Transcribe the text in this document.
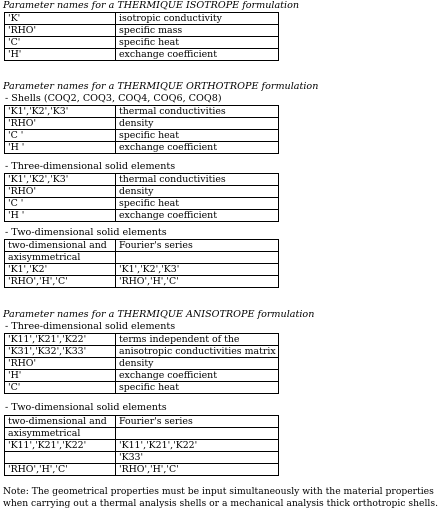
Parameter names for a THERMIQUE ISOTROPE formulation
'K'	isotropic conductivity
'RHO'	specific mass
'C'	specific heat
'H'	exchange coefficient
Parameter names for a THERMIQUE ORTHOTROPE formulation
- Shells (COQ2, COQ3, COQ4, COQ6, COQ8)
'K1','K2','K3'	thermal conductivities
'RHO'	density
'C '	specific heat
'H '	exchange coefficient
- Three-dimensional solid elements
'K1','K2','K3'	thermal conductivities
'RHO'	density
'C '	specific heat
'H '	exchange coefficient
- Two-dimensional solid elements
two-dimensional and	Fourier's series
axisymmetrical	
'K1','K2'	'K1','K2','K3'
'RHO','H','C'	'RHO','H','C'
Parameter names for a THERMIQUE ANISOTROPE formulation
- Three-dimensional solid elements
'K11','K21','K22'	terms independent of the
'K31','K32','K33'	anisotropic conductivities matrix
'RHO'	density
'H'	exchange coefficient
'C'	specific heat
- Two-dimensional solid elements
two-dimensional and	Fourier's series
axisymmetrical	
'K11','K21','K22'	'K11','K21','K22'
	'K33'
'RHO','H','C'	'RHO','H','C'
Note: The geometrical properties must be input simultaneously with the material properties
when carrying out a thermal analysis shells or a mechanical analysis thick orthotropic shells.
